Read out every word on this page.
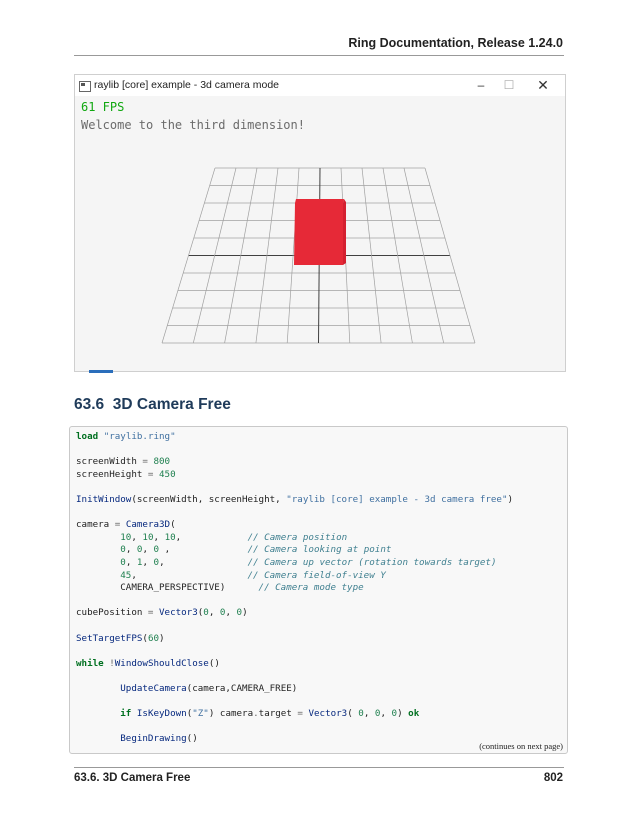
Ring Documentation, Release 1.24.0
raylib [core] example - 3d camera mode	–	☐	✕
61 FPS
Welcome to the third dimension!
63.6 3D Camera Free
load "raylib.ring"
screenWidth = 800
screenHeight = 450
InitWindow(screenWidth, screenHeight, "raylib [core] example - 3d camera free")
camera = Camera3D(
10, 10, 10,            // Camera position
0, 0, 0 ,              // Camera looking at point
0, 1, 0,               // Camera up vector (rotation towards target)
45,                    // Camera field-of-view Y
CAMERA_PERSPECTIVE)      // Camera mode type
cubePosition = Vector3(0, 0, 0)
SetTargetFPS(60)
while !WindowShouldClose()
UpdateCamera(camera,CAMERA_FREE)
if IsKeyDown("Z") camera.target = Vector3( 0, 0, 0) ok
BeginDrawing()
(continues on next page)
63.6. 3D Camera Free	802
